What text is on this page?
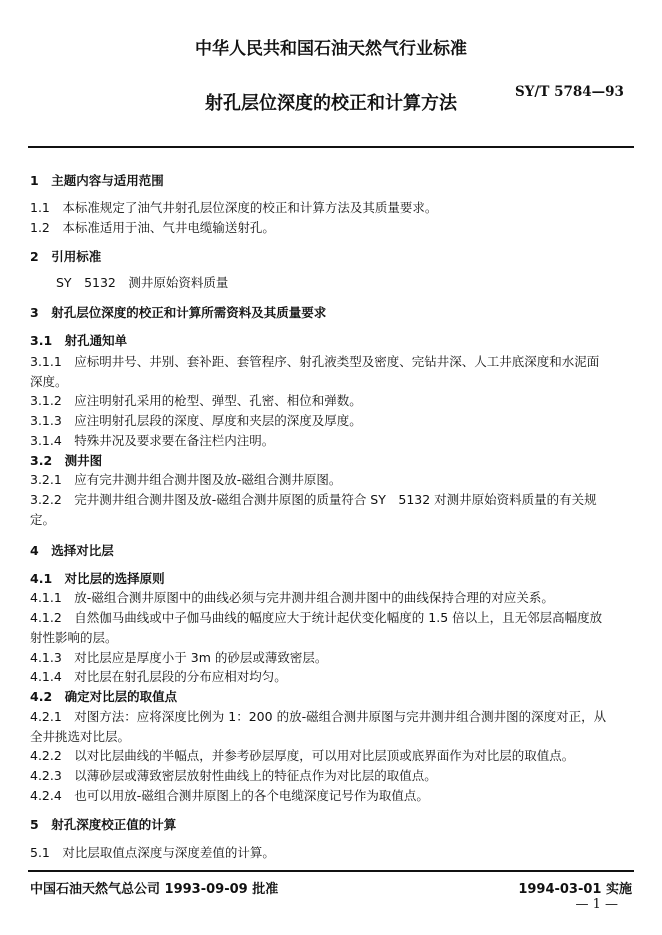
中华人民共和国石油天然气行业标准
射孔层位深度的校正和计算方法
SY/T 5784—93
1　主题内容与适用范围
1.1　本标准规定了油气井射孔层位深度的校正和计算方法及其质量要求。
1.2　本标准适用于油、气井电缆输送射孔。
2　引用标准
SY　5132　测井原始资料质量
3　射孔层位深度的校正和计算所需资料及其质量要求
3.1　射孔通知单
3.1.1　应标明井号、井别、套补距、套管程序、射孔液类型及密度、完钻井深、人工井底深度和水泥面
深度。
3.1.2　应注明射孔采用的枪型、弹型、孔密、相位和弹数。
3.1.3　应注明射孔层段的深度、厚度和夹层的深度及厚度。
3.1.4　特殊井况及要求要在备注栏内注明。
3.2　测井图
3.2.1　应有完井测井组合测井图及放-磁组合测井原图。
3.2.2　完井测井组合测井图及放-磁组合测井原图的质量符合 SY　5132 对测井原始资料质量的有关规
定。
4　选择对比层
4.1　对比层的选择原则
4.1.1　放-磁组合测井原图中的曲线必须与完井测井组合测井图中的曲线保持合理的对应关系。
4.1.2　自然伽马曲线或中子伽马曲线的幅度应大于统计起伏变化幅度的 1.5 倍以上，且无邻层高幅度放
射性影响的层。
4.1.3　对比层应是厚度小于 3m 的砂层或薄致密层。
4.1.4　对比层在射孔层段的分布应相对均匀。
4.2　确定对比层的取值点
4.2.1　对图方法：应将深度比例为 1：200 的放-磁组合测井原图与完井测井组合测井图的深度对正，从
全井挑选对比层。
4.2.2　以对比层曲线的半幅点，并参考砂层厚度，可以用对比层顶或底界面作为对比层的取值点。
4.2.3　以薄砂层或薄致密层放射性曲线上的特征点作为对比层的取值点。
4.2.4　也可以用放-磁组合测井原图上的各个电缆深度记号作为取值点。
5　射孔深度校正值的计算
5.1　对比层取值点深度与深度差值的计算。
中国石油天然气总公司 1993-09-09 批准	1994-03-01 实施
— 1 —
